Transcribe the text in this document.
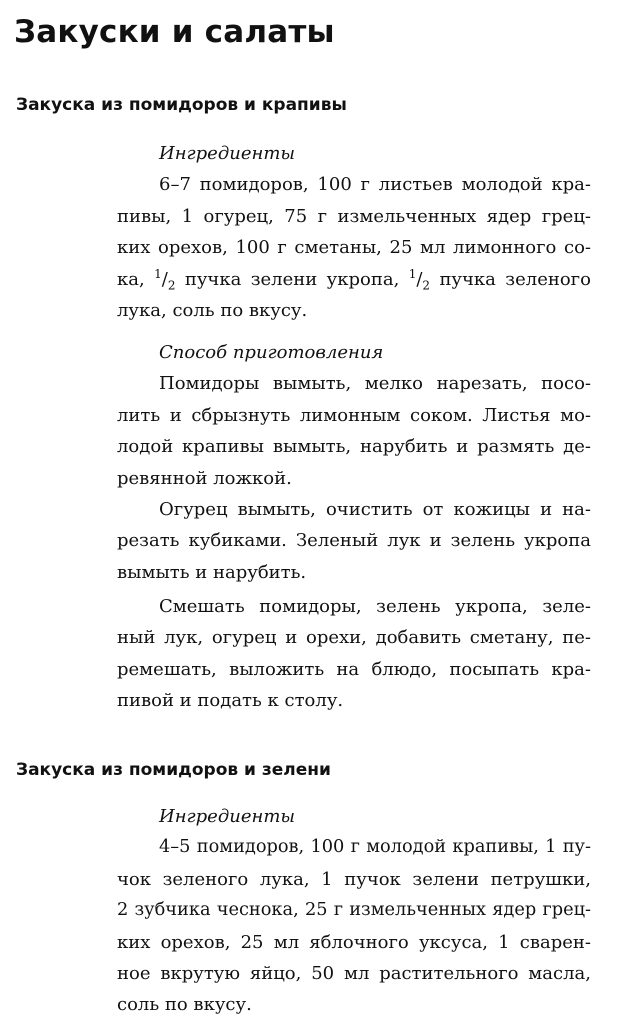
Закуски и салаты
Закуска из помидоров и крапивы
Ингредиенты
6–7 помидоров, 100 г листьев молодой кра-
пивы, 1 огурец, 75 г измельченных ядер грец-
ких орехов, 100 г сметаны, 25 мл лимонного со-
ка, $^1/_2$ пучка зелени укропа, $^1/_2$ пучка зеленого
лука, соль по вкусу.
Способ приготовления
Помидоры вымыть, мелко нарезать, посо-
лить и сбрызнуть лимонным соком. Листья мо-
лодой крапивы вымыть, нарубить и размять де-
ревянной ложкой.
Огурец вымыть, очистить от кожицы и на-
резать кубиками. Зеленый лук и зелень укропа
вымыть и нарубить.
Смешать помидоры, зелень укропа, зеле-
ный лук, огурец и орехи, добавить сметану, пе-
ремешать, выложить на блюдо, посыпать кра-
пивой и подать к столу.
Закуска из помидоров и зелени
Ингредиенты
4–5 помидоров, 100 г молодой крапивы, 1 пу-
чок зеленого лука, 1 пучок зелени петрушки,
2 зубчика чеснока, 25 г измельченных ядер грец-
ких орехов, 25 мл яблочного уксуса, 1 сварен-
ное вкрутую яйцо, 50 мл растительного масла,
соль по вкусу.
